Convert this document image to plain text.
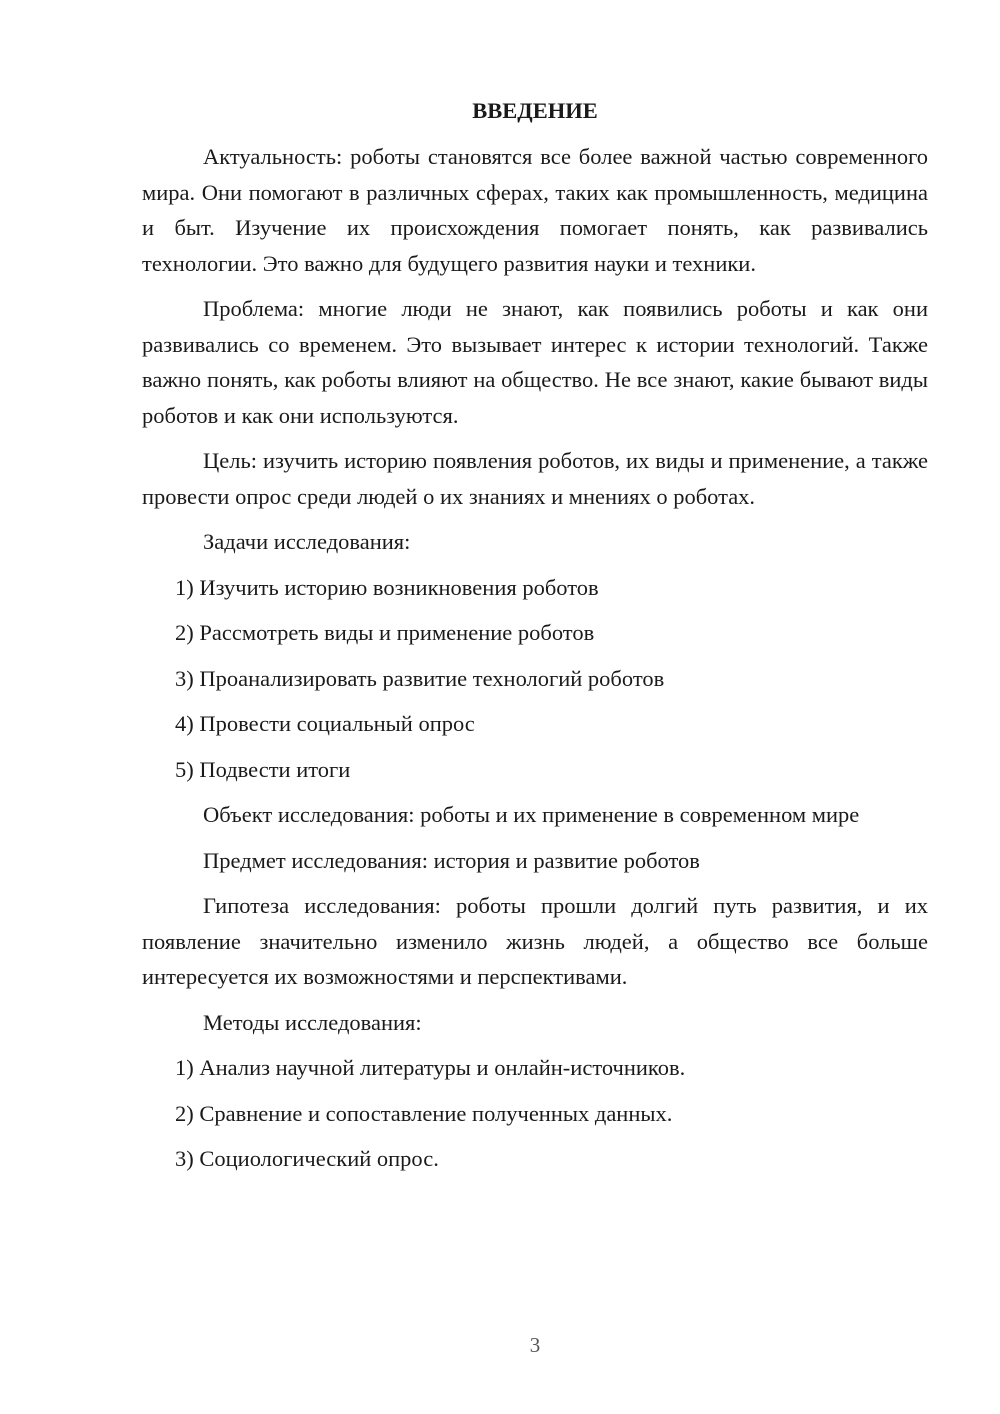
ВВЕДЕНИЕ
Актуальность: роботы становятся все более важной частью современного мира. Они помогают в различных сферах, таких как промышленность, медицина и быт. Изучение их происхождения помогает понять, как развивались технологии. Это важно для будущего развития науки и техники.
Проблема: многие люди не знают, как появились роботы и как они развивались со временем. Это вызывает интерес к истории технологий. Также важно понять, как роботы влияют на общество. Не все знают, какие бывают виды роботов и как они используются.
Цель: изучить историю появления роботов, их виды и применение, а также провести опрос среди людей о их знаниях и мнениях о роботах.
Задачи исследования:
1) Изучить историю возникновения роботов
2) Рассмотреть виды и применение роботов
3) Проанализировать развитие технологий роботов
4) Провести социальный опрос
5) Подвести итоги
Объект исследования: роботы и их применение в современном мире
Предмет исследования: история и развитие роботов
Гипотеза исследования: роботы прошли долгий путь развития, и их появление значительно изменило жизнь людей, а общество все больше интересуется их возможностями и перспективами.
Методы исследования:
1) Анализ научной литературы и онлайн-источников.
2) Сравнение и сопоставление полученных данных.
3) Социологический опрос.
3
